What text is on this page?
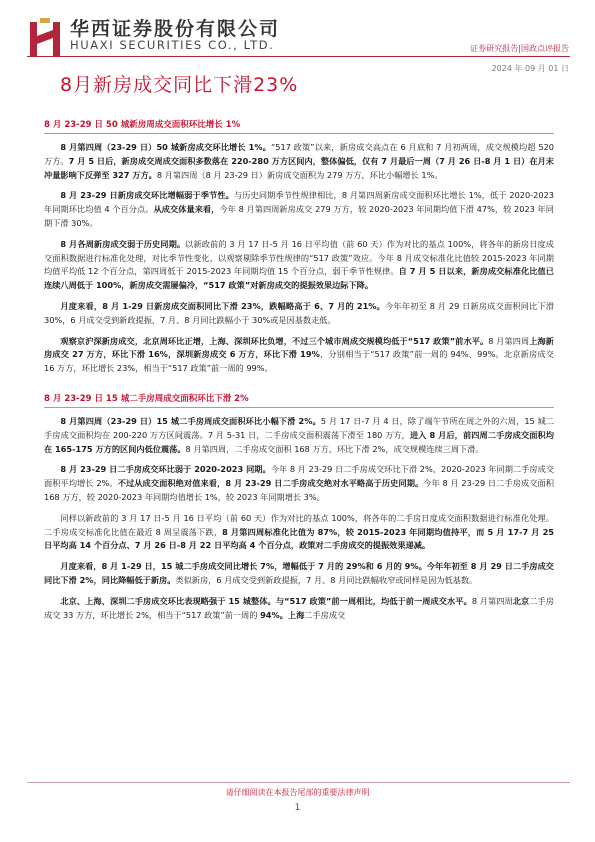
华西证券股份有限公司
HUAXI SECURITIES CO., LTD.	证券研究报告|国政点评报告
2024 年 09 月 01 日
8月新房成交同比下滑23%
8 月 23-29 日 50 城新房周成交面积环比增长 1%

8 月第四周（23-29 日）50 城新房成交环比增长 1%。“517 政策”以来，新房成交高点在 6 月底和 7 月初两周，成交规模均超 520 万方。7 月 5 日后，新房成交周成交面积多数落在 220-280 万方区间内，整体偏低，仅有 7 月最后一周（7 月 26 日-8 月 1 日）在月末冲量影响下反弹至 327 万方。8 月第四周（8 月 23-29 日）新房成交面积为 279 万方，环比小幅增长 1%。

8 月 23-29 日新房成交环比增幅弱于季节性。与历史同期季节性规律相比，8 月第四周新房成交面积环比增长 1%，低于 2020-2023 年同期环比均值 4 个百分点。从成交体量来看，今年 8 月第四周新房成交 279 万方，较 2020-2023 年同期均值下滑 47%，较 2023 年同期下滑 30%。

8 月各周新房成交弱于历史同期。以新政前的 3 月 17 日-5 月 16 日平均值（前 60 天）作为对比的基点 100%，将各年的新房日度成交面积数据进行标准化处理，对比季节性变化，以观察剔除季节性规律的“517 政策”效应。今年 8 月成交标准化比值较 2015-2023 年同期均值平均低 12 个百分点，第四周低于 2015-2023 年同期均值 15 个百分点，弱于季节性规律。自 7 月 5 日以来，新房成交标准化比值已连续八周低于 100%，新房成交需屡偏冷，“517 政策”对新房成交的提振效果边际下降。

月度来看，8 月 1-29 日新房成交面积同比下滑 23%，跌幅略高于 6、7 月的 21%。今年年初至 8 月 29 日新房成交面积同比下滑 30%，6 月成交受到新政提振，7 月、8 月同比跌幅小于 30%或是因基数走低。

观察京沪深新房成交，北京周环比正增，上海、深圳环比负增，不过三个城市周成交规模均低于“517 政策”前水平。8 月第四周上海新房成交 27 万方，环比下滑 16%，深圳新房成交 6 万方，环比下滑 19%，分别相当于“517 政策”前一周的 94%、99%。北京新房成交 16 万方，环比增长 23%，相当于“517 政策”前一周的 99%。

8 月 23-29 日 15 城二手房周成交面积环比下滑 2%

8 月第四周（23-29 日）15 城二手房周成交面积环比小幅下滑 2%。5 月 17 日-7 月 4 日，除了端午节所在周之外的六周，15 城二手房成交面积均在 200-220 万方区间震荡。7 月 5-31 日，二手房成交面积震荡下滑至 180 万方，进入 8 月后，前四周二手房成交面积均在 165-175 万方的区间内低位震荡。8 月第四周，二手房成交面积 168 万方，环比下滑 2%，成交规模连续三周下滑。

8 月 23-29 日二手房成交环比弱于 2020-2023 同期。今年 8 月 23-29 日二手房成交环比下滑 2%，2020-2023 年同期二手房成交面积平均增长 2%。不过从成交面积绝对值来看，8 月 23-29 日二手房成交绝对水平略高于历史同期。今年 8 月 23-29 日二手房成交面积 168 万方，较 2020-2023 年同期均值增长 1%，较 2023 年同期增长 3%。

同样以新政前的 3 月 17 日-5 月 16 日平均（前 60 天）作为对比的基点 100%，将各年的二手房日度成交面积数据进行标准化处理。二手房成交标准化比值在最近 8 周呈震荡下跌，8 月第四周标准化比值为 87%，较 2015-2023 年同期均值持平，而 5 月 17-7 月 25 日平均高 14 个百分点、7 月 26 日-8 月 22 日平均高 4 个百分点，政策对二手房成交的提振效果递减。

月度来看，8 月 1-29 日，15 城二手房成交同比增长 7%，增幅低于 7 月的 29%和 6 月的 9%。今年年初至 8 月 29 日二手房成交同比下滑 2%，同比降幅低于新房。类似新房，6 月成交受到新政提振，7 月、8 月同比跌幅收窄或同样是因为低基数。

北京、上海、深圳二手房成交环比表现略强于 15 城整体。与“517 政策”前一周相比，均低于前一周成交水平。8 月第四周北京二手房成交 33 万方，环比增长 2%，相当于“517 政策”前一周的 94%。上海二手房成交

请仔细阅读在本报告尾部的重要法律声明
1
